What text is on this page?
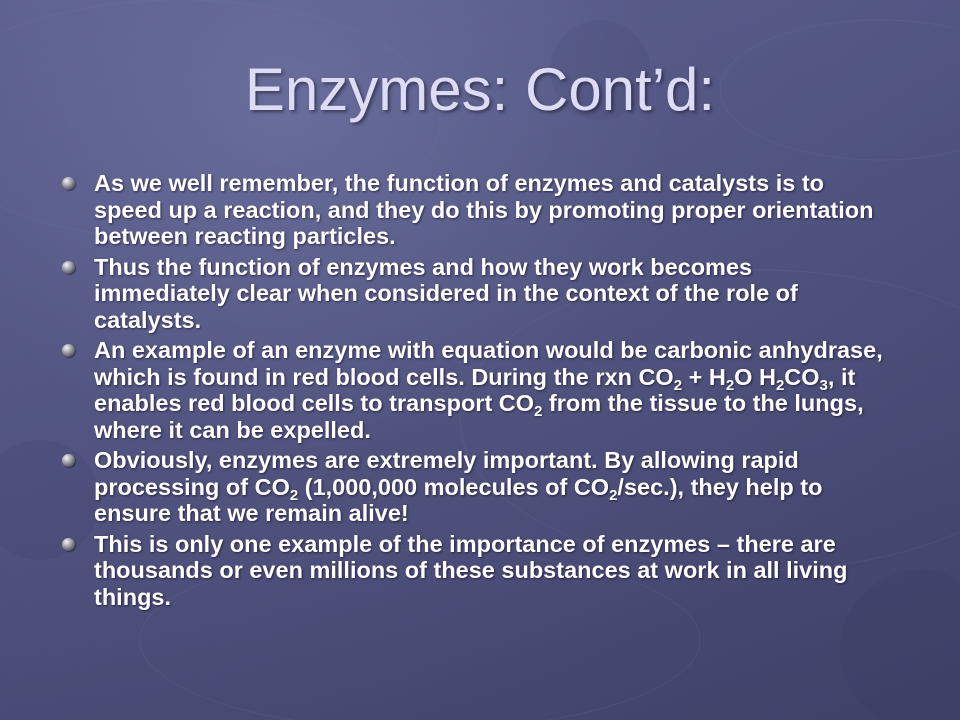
Enzymes: Cont’d:
As we well remember, the function of enzymes and catalysts is to speed up a reaction, and they do this by promoting proper orientation between reacting particles.
Thus the function of enzymes and how they work becomes immediately clear when considered in the context of the role of catalysts.
An example of an enzyme with equation would be carbonic anhydrase, which is found in red blood cells. During the rxn $CO_2 + H_2O$ $H_2CO_3$, it enables red blood cells to transport $CO_2$ from the tissue to the lungs, where it can be expelled.
Obviously, enzymes are extremely important. By allowing rapid processing of $CO_2$ (1,000,000 molecules of $CO_2/\sec$.), they help to ensure that we remain alive!
This is only one example of the importance of enzymes – there are thousands or even millions of these substances at work in all living things.
